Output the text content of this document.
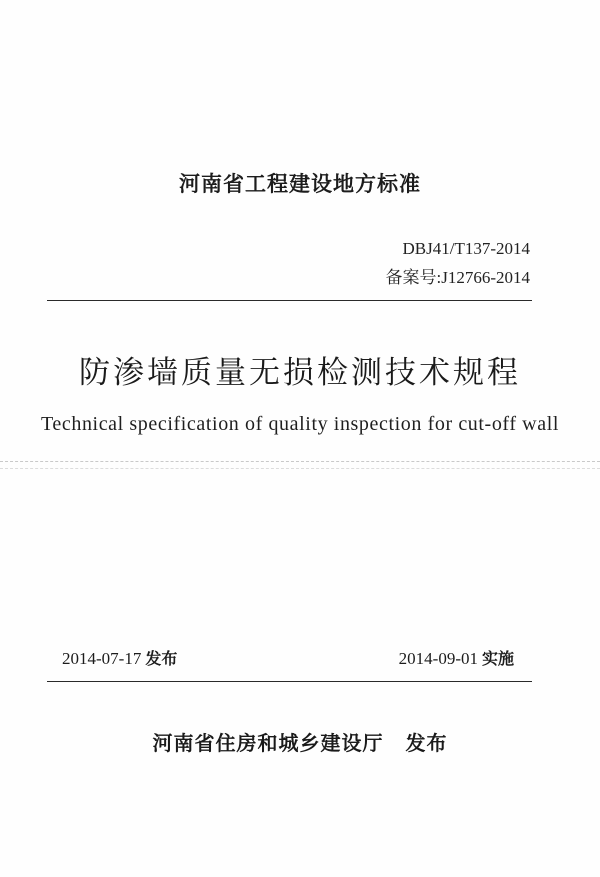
河南省工程建设地方标准
DBJ41/T137-2014
备案号:J12766-2014
防渗墙质量无损检测技术规程
Technical specification of quality inspection for cut-off wall
2014-07-17 发布	2014-09-01 实施
河南省住房和城乡建设厅 发布
